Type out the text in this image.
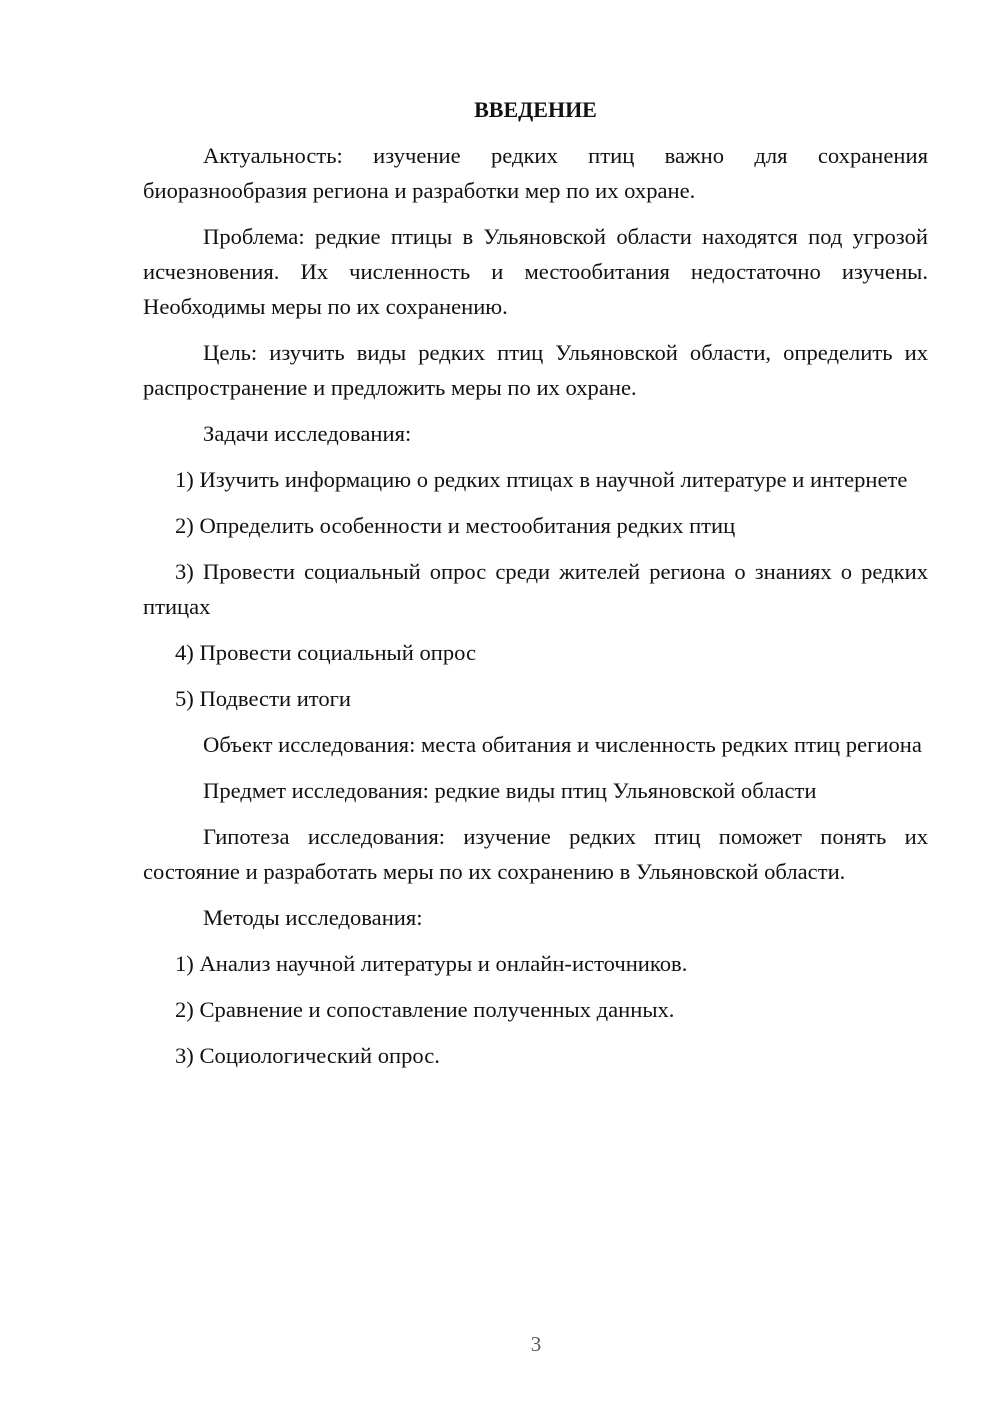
ВВЕДЕНИЕ

Актуальность: изучение редких птиц важно для сохранения биоразнообразия региона и разработки мер по их охране.

Проблема: редкие птицы в Ульяновской области находятся под угрозой исчезновения. Их численность и местообитания недостаточно изучены. Необходимы меры по их сохранению.

Цель: изучить виды редких птиц Ульяновской области, определить их распространение и предложить меры по их охране.

Задачи исследования:

1) Изучить информацию о редких птицах в научной литературе и интернете

2) Определить особенности и местообитания редких птиц

3) Провести социальный опрос среди жителей региона о знаниях о редких птицах

4) Провести социальный опрос

5) Подвести итоги

Объект исследования: места обитания и численность редких птиц региона

Предмет исследования: редкие виды птиц Ульяновской области

Гипотеза исследования: изучение редких птиц поможет понять их состояние и разработать меры по их сохранению в Ульяновской области.

Методы исследования:

1) Анализ научной литературы и онлайн-источников.

2) Сравнение и сопоставление полученных данных.

3) Социологический опрос.

3
